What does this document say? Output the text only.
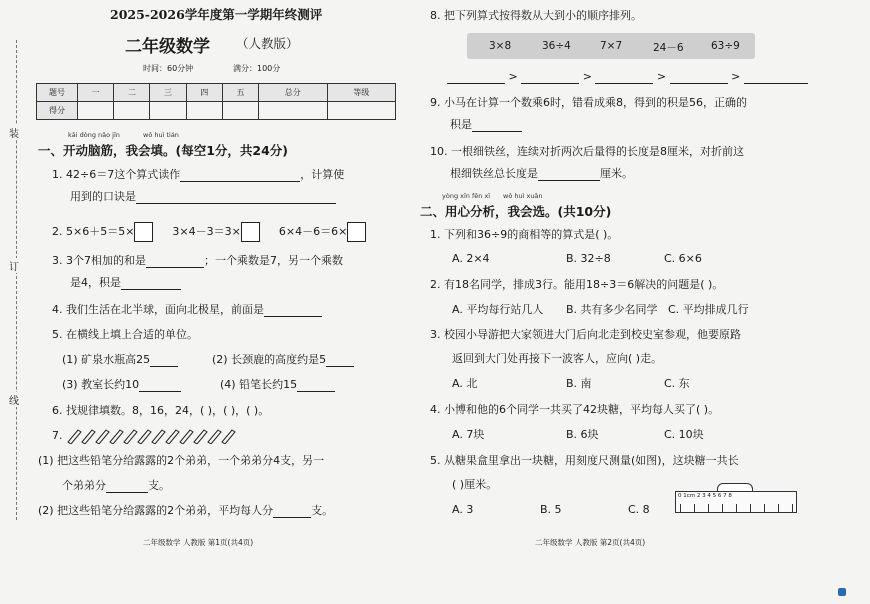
装
订
线
2025-2026学年度第一学期年终测评
二年级数学 （人教版）
时间：60分钟	满分：100分
题号	一	二	三	四	五	总分	等级
得分							
kāi dòng nǎo jīn	wǒ huì tián
一、开动脑筋，我会填。(每空1分，共24分)
1. 42÷6＝7这个算式读作	，计算使
用到的口诀是
2. 5×6＋5＝5×	3×4－3＝3×	6×4－6＝6×
3. 3个7相加的和是	；一个乘数是7，另一个乘数
是4，积是
4. 我们生活在北半球，面向北极星，前面是
5. 在横线上填上合适的单位。
(1) 矿泉水瓶高25	(2) 长颈鹿的高度约是5
(3) 教室长约10	(4) 铅笔长约15
6. 找规律填数。8，16，24，( )，( )，( )。
7.
(1) 把这些铅笔分给露露的2个弟弟，一个弟弟分4支，另一
个弟弟分	支。
(2) 把这些铅笔分给露露的2个弟弟，平均每人分	支。
二年级数学 人教版 第1页(共4页)
8. 把下列算式按得数从大到小的顺序排列。
3×8	36÷4	7×7	24－6	63÷9
>	>	>	>
9. 小马在计算一个数乘6时，错看成乘8，得到的积是56，正确的
积是
10. 一根细铁丝，连续对折两次后量得的长度是8厘米，对折前这
根细铁丝总长度是	厘米。
yòng xīn fēn xī wǒ huì xuǎn
二、用心分析，我会选。(共10分)
1. 下列和36÷9的商相等的算式是( )。
A. 2×4	B. 32÷8	C. 6×6
2. 有18名同学，排成3行。能用18÷3＝6解决的问题是( )。
A. 平均每行站几人 B. 共有多少名同学 C. 平均排成几行
3. 校园小导游把大家领进大门后向北走到校史室参观，他要原路
返回到大门处再接下一波客人，应向( )走。
A. 北	B. 南	C. 东
4. 小博和他的6个同学一共买了42块糖，平均每人买了( )。
A. 7块	B. 6块	C. 10块
5. 从糖果盒里拿出一块糖，用刻度尺测量(如图)，这块糖一共长
( )厘米。
A. 3	B. 5	C. 8
0 1cm 2 3 4 5 6 7 8
二年级数学 人教版 第2页(共4页)
